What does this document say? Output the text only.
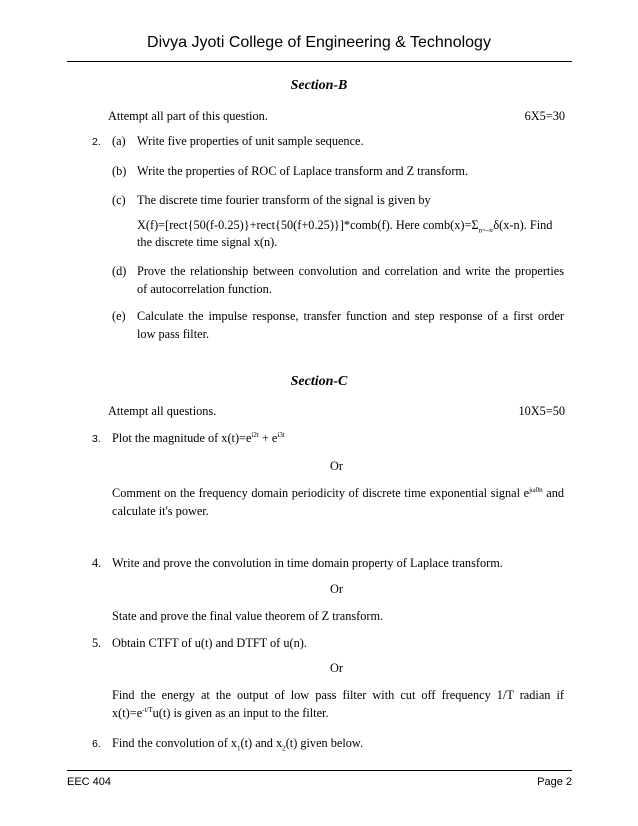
Divya Jyoti College of Engineering & Technology
Section-B
Attempt all part of this question.	6X5=30
2. (a) Write five properties of unit sample sequence.
(b) Write the properties of ROC of Laplace transform and Z transform.
(c) The discrete time fourier transform of the signal is given by
X(f)=[rect{50(f-0.25)}+rect{50(f+0.25)}]*comb(f). Here $comb(x)=\Sigma_{n=-\infty}\delta(x-n)$. Find
the discrete time signal x(n).
(d) Prove the relationship between convolution and correlation and write the properties
of autocorrelation function.
(e) Calculate the impulse response, transfer function and step response of a first order
low pass filter.
Section-C
Attempt all questions.	10X5=50
3. Plot the magnitude of $x(t)=e^{i2t} + e^{i3t}$
Or
Comment on the frequency domain periodicity of discrete time exponential signal $e^{j\omega 0n}$ and
calculate it's power.
4. Write and prove the convolution in time domain property of Laplace transform.
Or
State and prove the final value theorem of Z transform.
5. Obtain CTFT of u(t) and DTFT of u(n).
Or
Find the energy at the output of low pass filter with cut off frequency 1/T radian if
$x(t)=e^{-t/T}u(t)$ is given as an input to the filter.
6. Find the convolution of $x_1(t)$ and $x_2(t)$ given below.
EEC 404	Page 2
